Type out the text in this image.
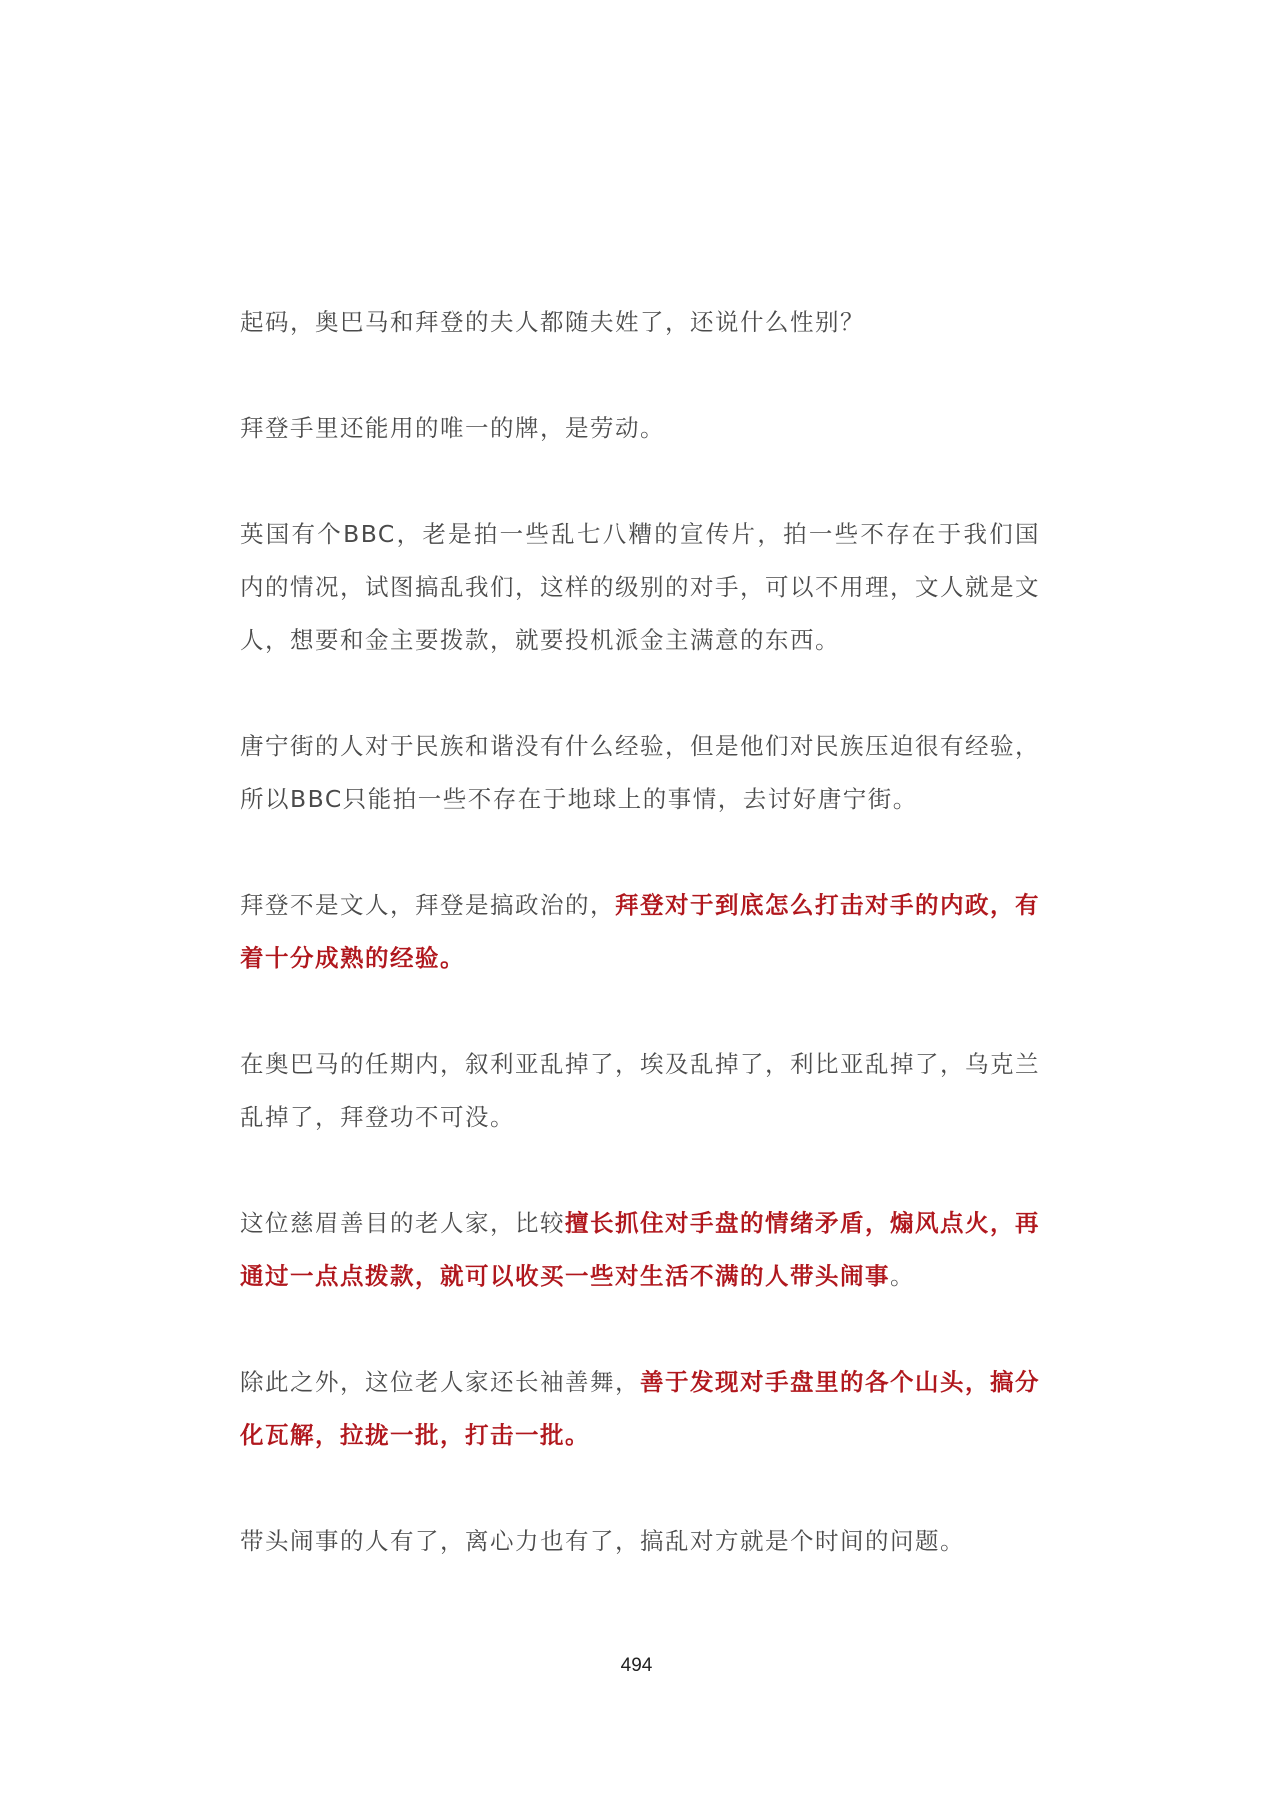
起码，奥巴马和拜登的夫人都随夫姓了，还说什么性别？

拜登手里还能用的唯一的牌，是劳动。

英国有个BBC，老是拍一些乱七八糟的宣传片，拍一些不存在于我们国内的情况，试图搞乱我们，这样的级别的对手，可以不用理，文人就是文人，想要和金主要拨款，就要投机派金主满意的东西。

唐宁街的人对于民族和谐没有什么经验，但是他们对民族压迫很有经验，所以BBC只能拍一些不存在于地球上的事情，去讨好唐宁街。

拜登不是文人，拜登是搞政治的，拜登对于到底怎么打击对手的内政，有着十分成熟的经验。

在奥巴马的任期内，叙利亚乱掉了，埃及乱掉了，利比亚乱掉了，乌克兰乱掉了，拜登功不可没。

这位慈眉善目的老人家，比较擅长抓住对手盘的情绪矛盾，煽风点火，再通过一点点拨款，就可以收买一些对生活不满的人带头闹事。

除此之外，这位老人家还长袖善舞，善于发现对手盘里的各个山头，搞分化瓦解，拉拢一批，打击一批。

带头闹事的人有了，离心力也有了，搞乱对方就是个时间的问题。

494
